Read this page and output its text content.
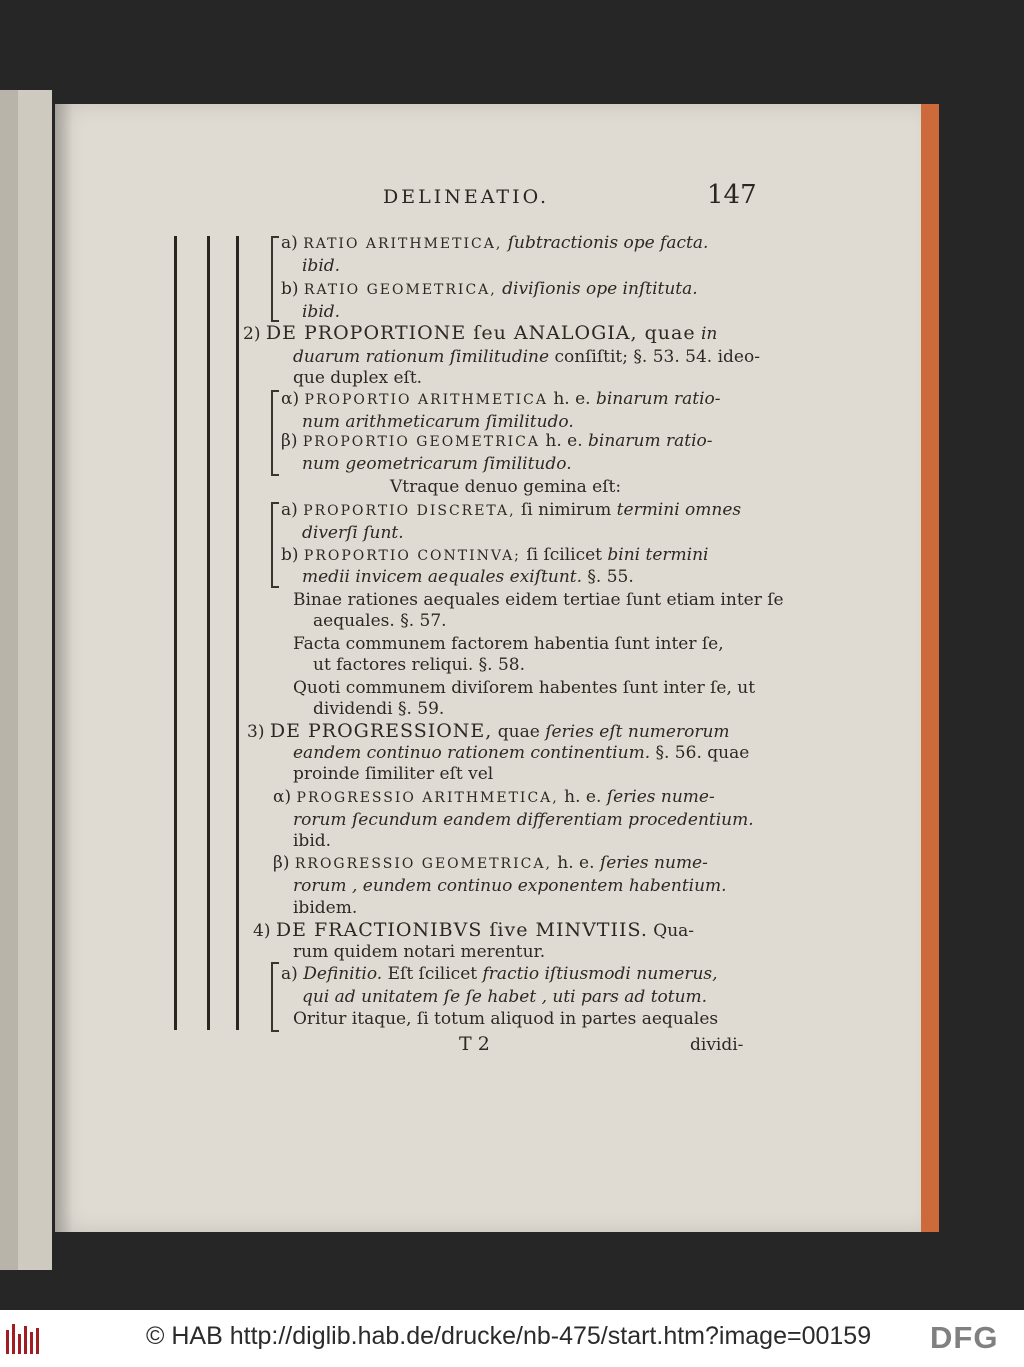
DELINEATIO.	147
a) RATIO ARITHMETICA, ſubtractionis ope facta.
ibid.
b) RATIO GEOMETRICA, diviſionis ope inſtituta.
ibid.
2) DE PROPORTIONE ſeu ANALOGIA, quae in
duarum rationum ſimilitudine conſiſtit; §. 53. 54. ideo-
que duplex eſt.
α) PROPORTIO ARITHMETICA h. e. binarum ratio-
num arithmeticarum ſimilitudo.
β) PROPORTIO GEOMETRICA h. e. binarum ratio-
num geometricarum ſimilitudo.
Vtraque denuo gemina eſt:
a) PROPORTIO DISCRETA, ſi nimirum termini omnes
diverſi ſunt.
b) PROPORTIO CONTINVA; ſi ſcilicet bini termini
medii invicem aequales exiſtunt. §. 55.
Binae rationes aequales eidem tertiae ſunt etiam inter ſe
aequales. §. 57.
Facta communem factorem habentia ſunt inter ſe,
ut factores reliqui. §. 58.
Quoti communem diviſorem habentes ſunt inter ſe, ut
dividendi §. 59.
3) DE PROGRESSIONE, quae ſeries eſt numerorum
eandem continuo rationem continentium. §. 56. quae
proinde ſimiliter eſt vel
α) PROGRESSIO ARITHMETICA, h. e. ſeries nume-
rorum ſecundum eandem differentiam procedentium.
ibid.
β) RROGRESSIO GEOMETRICA, h. e. ſeries nume-
rorum , eundem continuo exponentem habentium.
ibidem.
4) DE FRACTIONIBVS ſive MINVTIIS. Qua-
rum quidem notari merentur.
a) Definitio. Eſt ſcilicet fractio iſtiusmodi numerus,
qui ad unitatem ſe ſe habet , uti pars ad totum.
Oritur itaque, ſi totum aliquod in partes aequales
T 2	dividi-
© HAB http://diglib.hab.de/drucke/nb-475/start.htm?image=00159 DFG
